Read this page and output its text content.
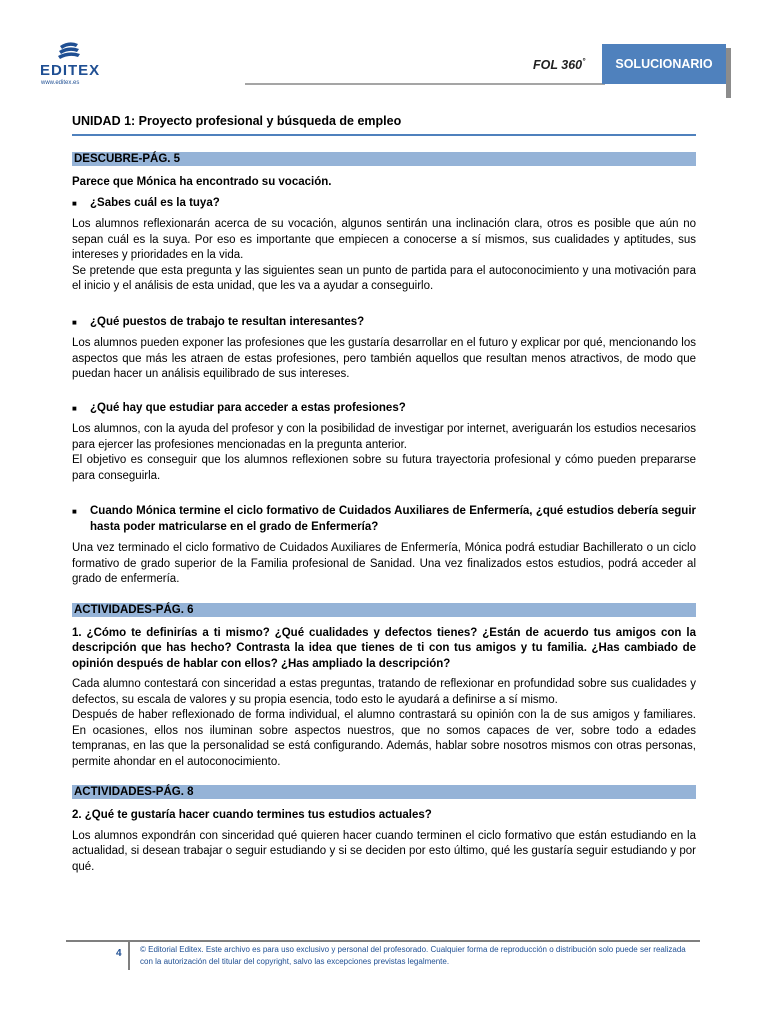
EDITEX
www.editex.es
FOL 360°	SOLUCIONARIO
UNIDAD 1: Proyecto profesional y búsqueda de empleo
DESCUBRE-PÁG. 5

Parece que Mónica ha encontrado su vocación.

■	¿Sabes cuál es la tuya?

Los alumnos reflexionarán acerca de su vocación, algunos sentirán una inclinación clara, otros es posible que aún no sepan cuál es la suya. Por eso es importante que empiecen a conocerse a sí mismos, sus cualidades y aptitudes, sus intereses y prioridades en la vida.

Se pretende que esta pregunta y las siguientes sean un punto de partida para el autoconocimiento y una motivación para el inicio y el análisis de esta unidad, que les va a ayudar a conseguirlo.

■	¿Qué puestos de trabajo te resultan interesantes?

Los alumnos pueden exponer las profesiones que les gustaría desarrollar en el futuro y explicar por qué, mencionando los aspectos que más les atraen de estas profesiones, pero también aquellos que resultan menos atractivos, de modo que puedan hacer un análisis equilibrado de sus intereses.

■	¿Qué hay que estudiar para acceder a estas profesiones?

Los alumnos, con la ayuda del profesor y con la posibilidad de investigar por internet, averiguarán los estudios necesarios para ejercer las profesiones mencionadas en la pregunta anterior.

El objetivo es conseguir que los alumnos reflexionen sobre su futura trayectoria profesional y cómo pueden prepararse para conseguirla.

■	Cuando Mónica termine el ciclo formativo de Cuidados Auxiliares de Enfermería, ¿qué estudios debería seguir hasta poder matricularse en el grado de Enfermería?

Una vez terminado el ciclo formativo de Cuidados Auxiliares de Enfermería, Mónica podrá estudiar Bachillerato o un ciclo formativo de grado superior de la Familia profesional de Sanidad. Una vez finalizados estos estudios, podrá acceder al grado de enfermería.

ACTIVIDADES-PÁG. 6

1. ¿Cómo te definirías a ti mismo? ¿Qué cualidades y defectos tienes? ¿Están de acuerdo tus amigos con la descripción que has hecho? Contrasta la idea que tienes de ti con tus amigos y tu familia. ¿Has cambiado de opinión después de hablar con ellos? ¿Has ampliado la descripción?

Cada alumno contestará con sinceridad a estas preguntas, tratando de reflexionar en profundidad sobre sus cualidades y defectos, su escala de valores y su propia esencia, todo esto le ayudará a definirse a sí mismo.

Después de haber reflexionado de forma individual, el alumno contrastará su opinión con la de sus amigos y familiares. En ocasiones, ellos nos iluminan sobre aspectos nuestros, que no somos capaces de ver, sobre todo a edades tempranas, en las que la personalidad se está configurando. Además, hablar sobre nosotros mismos con otras personas, permite ahondar en el autoconocimiento.

ACTIVIDADES-PÁG. 8

2. ¿Qué te gustaría hacer cuando termines tus estudios actuales?

Los alumnos expondrán con sinceridad qué quieren hacer cuando terminen el ciclo formativo que están estudiando en la actualidad, si desean trabajar o seguir estudiando y si se deciden por esto último, qué les gustaría seguir estudiando y por qué.

4 © Editorial Editex. Este archivo es para uso exclusivo y personal del profesorado. Cualquier forma de reproducción o distribución solo puede ser realizada con la autorización del titular del copyright, salvo las excepciones previstas legalmente.
